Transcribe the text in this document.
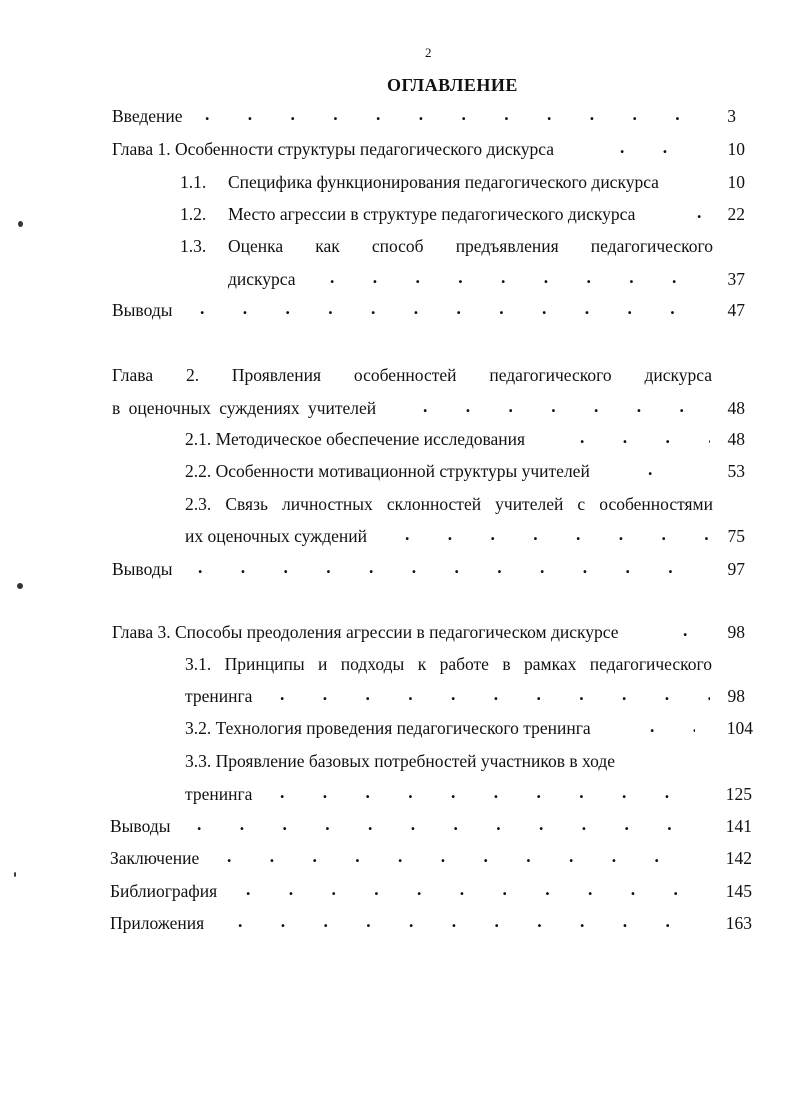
2
ОГЛАВЛЕНИЕ
Введение . . .	3
Глава 1. Особенности структуры педагогического дискурса . . .	10
1.1. Специфика функционирования педагогического дискурса	10
1.2. Место агрессии в структуре педагогического дискурса . . .	22
1.3. Оценка как способ предъявления педагогического
дискурса . . .	37
Выводы . . .	47
Глава 2. Проявления особенностей педагогического дискурса
в оценочных суждениях учителей . . .	48
2.1. Методическое обеспечение исследования . . .	48
2.2. Особенности мотивационной структуры учителей . . .	53
2.3. Связь личностных склонностей учителей с особенностями
их оценочных суждений . . .	75
Выводы . . .	97
Глава 3. Способы преодоления агрессии в педагогическом дискурсе . . .	98
3.1. Принципы и подходы к работе в рамках педагогического
тренинга . . .	98
3.2. Технология проведения педагогического тренинга . . .	104
3.3. Проявление базовых потребностей участников в ходе
тренинга . . .	125
Выводы . . .	141
Заключение . . .	142
Библиография . . .	145
Приложения . . .	163
